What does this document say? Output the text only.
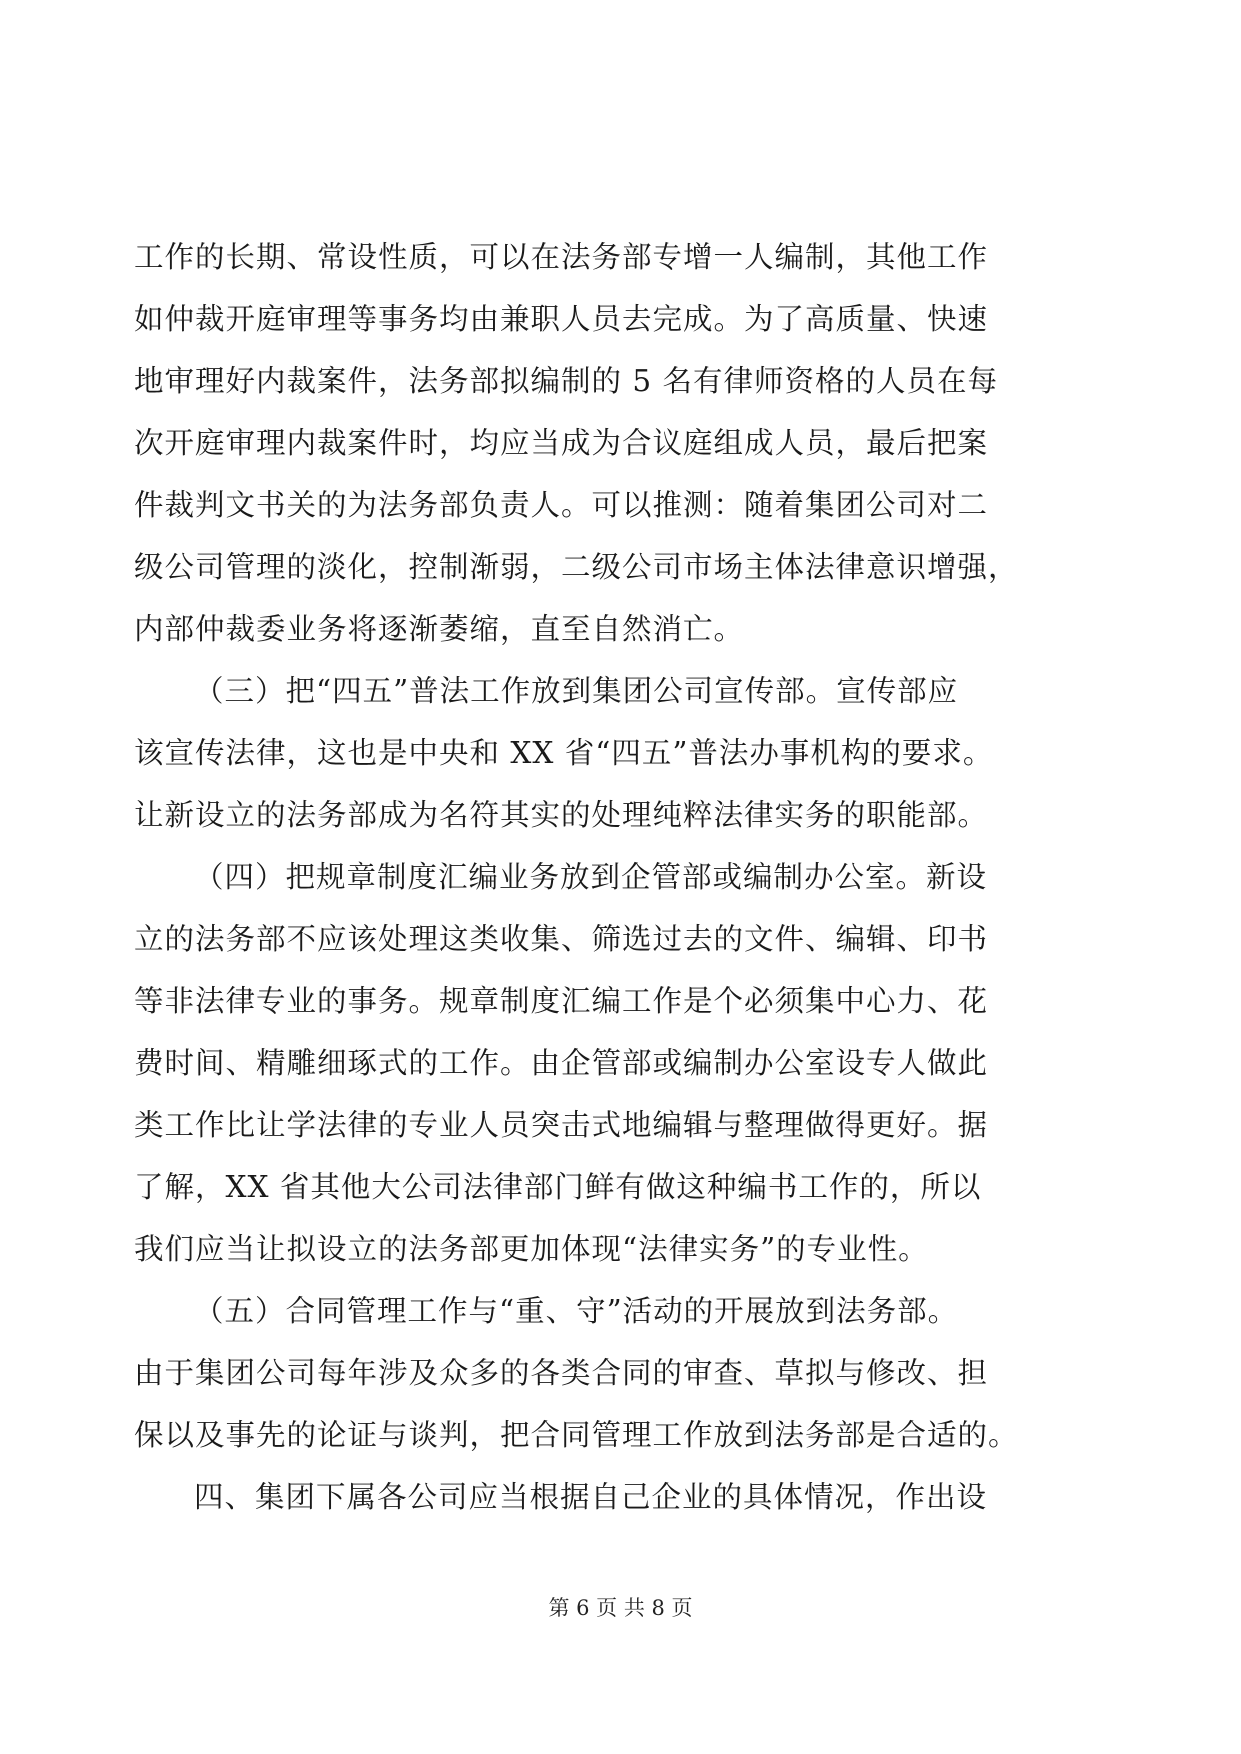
工作的长期、常设性质，可以在法务部专增一人编制，其他工作
如仲裁开庭审理等事务均由兼职人员去完成。为了高质量、快速
地审理好内裁案件，法务部拟编制的 5 名有律师资格的人员在每
次开庭审理内裁案件时，均应当成为合议庭组成人员，最后把案
件裁判文书关的为法务部负责人。可以推测：随着集团公司对二
级公司管理的淡化，控制渐弱，二级公司市场主体法律意识增强，
内部仲裁委业务将逐渐萎缩，直至自然消亡。
（三）把“四五”普法工作放到集团公司宣传部。宣传部应
该宣传法律，这也是中央和 XX 省“四五”普法办事机构的要求。
让新设立的法务部成为名符其实的处理纯粹法律实务的职能部。
（四）把规章制度汇编业务放到企管部或编制办公室。新设
立的法务部不应该处理这类收集、筛选过去的文件、编辑、印书
等非法律专业的事务。规章制度汇编工作是个必须集中心力、花
费时间、精雕细琢式的工作。由企管部或编制办公室设专人做此
类工作比让学法律的专业人员突击式地编辑与整理做得更好。据
了解，XX 省其他大公司法律部门鲜有做这种编书工作的，所以
我们应当让拟设立的法务部更加体现“法律实务”的专业性。
（五）合同管理工作与“重、守”活动的开展放到法务部。
由于集团公司每年涉及众多的各类合同的审查、草拟与修改、担
保以及事先的论证与谈判，把合同管理工作放到法务部是合适的。
四、集团下属各公司应当根据自己企业的具体情况，作出设
第 6 页 共 8 页
